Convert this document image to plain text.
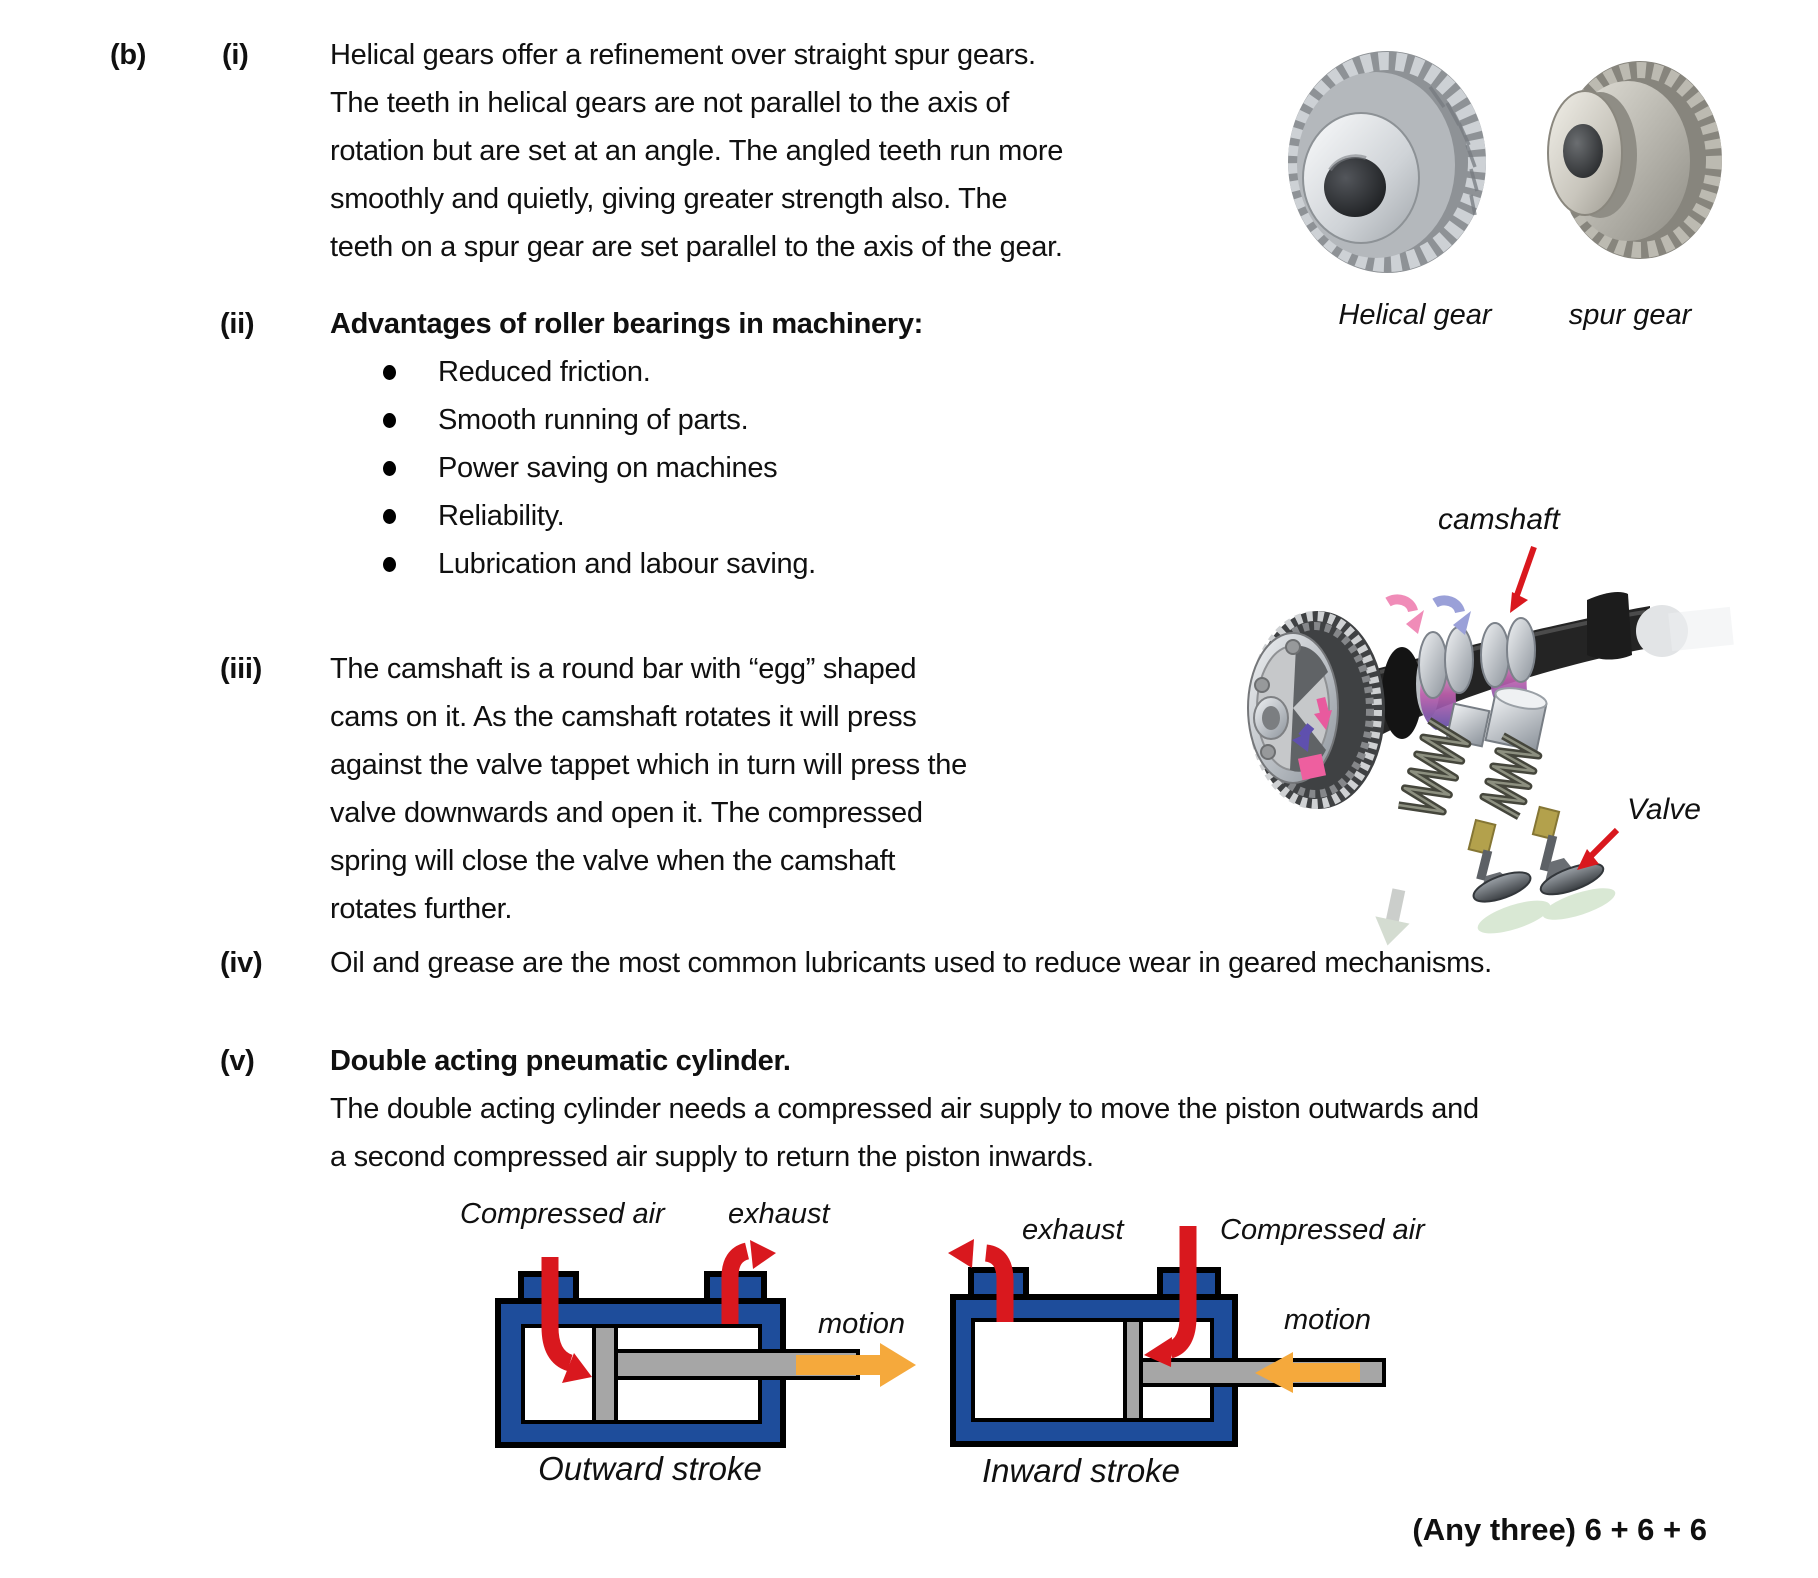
(b)	(i)	Helical gears offer a refinement over straight spur gears.
The teeth in helical gears are not parallel to the axis of
rotation but are set at an angle. The angled teeth run more
smoothly and quietly, giving greater strength also. The
teeth on a spur gear are set parallel to the axis of the gear.
Helical gear	spur gear
(ii)	Advantages of roller bearings in machinery:
Reduced friction.
Smooth running of parts.
Power saving on machines
Reliability.
Lubrication and labour saving.
(iii) The camshaft is a round bar with “egg” shaped
cams on it. As the camshaft rotates it will press
against the valve tappet which in turn will press the
valve downwards and open it. The compressed
spring will close the valve when the camshaft
rotates further.
camshaft
Valve
(iv) Oil and grease are the most common lubricants used to reduce wear in geared mechanisms.
(v)	Double acting pneumatic cylinder.
The double acting cylinder needs a compressed air supply to move the piston outwards and
a second compressed air supply to return the piston inwards.
Compressed air exhaust
motion
Outward stroke
exhaust	Compressed air
motion
Inward stroke
(Any three) 6 + 6 + 6
